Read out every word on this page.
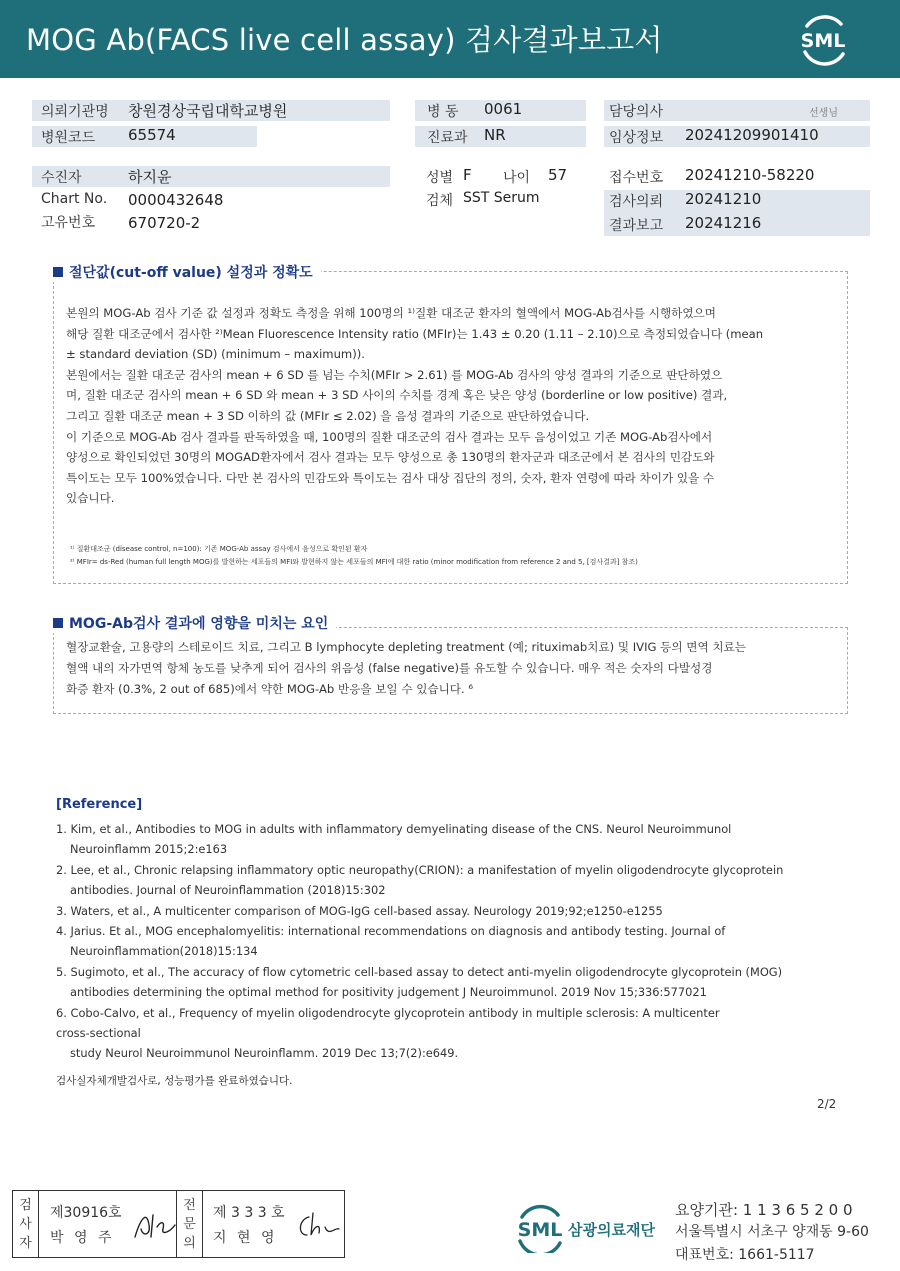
MOG Ab(FACS live cell assay) 검사결과보고서	SML
의뢰기관명 창원경상국립대학교병원
병원코드 65574
병 동 0061
진료과 NR
담당의사	선생님
임상정보 20241209901410
수진자	하지윤
Chart No. 0000432648
고유번호 670720-2
성별 F 나이 57
검체 SST Serum
접수번호 20241210-58220
검사의뢰 20241210
결과보고 20241216
절단값(cut-off value) 설정과 정확도

본원의 MOG-Ab 검사 기준 값 설정과 정확도 측정을 위해 100명의 ¹⁾질환 대조군 환자의 혈액에서 MOG-Ab검사를 시행하였으며

해당 질환 대조군에서 검사한 ²⁾Mean Fluorescence Intensity ratio (MFIr)는 1.43 ± 0.20 (1.11 – 2.10)으로 측정되었습니다 (mean

± standard deviation (SD) (minimum – maximum)).

본원에서는 질환 대조군 검사의 mean + 6 SD 를 넘는 수치(MFIr > 2.61) 를 MOG-Ab 검사의 양성 결과의 기준으로 판단하였으

며, 질환 대조군 검사의 mean + 6 SD 와 mean + 3 SD 사이의 수치를 경계 혹은 낮은 양성 (borderline or low positive) 결과,

그리고 질환 대조군 mean + 3 SD 이하의 값 (MFIr ≤ 2.02) 을 음성 결과의 기준으로 판단하였습니다.

이 기준으로 MOG-Ab 검사 결과를 판독하였을 때, 100명의 질환 대조군의 검사 결과는 모두 음성이었고 기존 MOG-Ab검사에서

양성으로 확인되었던 30명의 MOGAD환자에서 검사 결과는 모두 양성으로 총 130명의 환자군과 대조군에서 본 검사의 민감도와

특이도는 모두 100%였습니다. 다만 본 검사의 민감도와 특이도는 검사 대상 집단의 정의, 숫자, 환자 연령에 따라 차이가 있을 수

있습니다.

¹⁾ 질환대조군 (disease control, n=100): 기존 MOG-Ab assay 검사에서 음성으로 확인된 환자
²⁾ MFIr= ds-Red (human full length MOG)를 발현하는 세포들의 MFI와 발현하지 않는 세포들의 MFI에 대한 ratio (minor modification from reference 2 and 5, [검사결과] 참조)
MOG-Ab검사 결과에 영향을 미치는 요인

혈장교환술, 고용량의 스테로이드 치료, 그리고 B lymphocyte depleting treatment (예; rituximab치료) 및 IVIG 등의 면역 치료는

혈액 내의 자가면역 항체 농도를 낮추게 되어 검사의 위음성 (false negative)를 유도할 수 있습니다. 매우 적은 숫자의 다발성경

화증 환자 (0.3%, 2 out of 685)에서 약한 MOG-Ab 반응을 보일 수 있습니다. ⁶

[Reference]
1. Kim, et al., Antibodies to MOG in adults with inflammatory demyelinating disease of the CNS. Neurol Neuroimmunol
Neuroinflamm 2015;2:e163
2. Lee, et al., Chronic relapsing inflammatory optic neuropathy(CRION): a manifestation of myelin oligodendrocyte glycoprotein
antibodies. Journal of Neuroinflammation (2018)15:302
3. Waters, et al., A multicenter comparison of MOG-IgG cell-based assay. Neurology 2019;92;e1250-e1255
4. Jarius. Et al., MOG encephalomyelitis: international recommendations on diagnosis and antibody testing. Journal of
Neuroinflammation(2018)15:134
5. Sugimoto, et al., The accuracy of flow cytometric cell-based assay to detect anti-myelin oligodendrocyte glycoprotein (MOG)
antibodies determining the optimal method for positivity judgement J Neuroimmunol. 2019 Nov 15;336:577021
6. Cobo-Calvo, et al., Frequency of myelin oligodendrocyte glycoprotein antibody in multiple sclerosis: A multicenter
cross-sectional
study Neurol Neuroimmunol Neuroinflamm. 2019 Dec 13;7(2):e649.
검사실자체개발검사로, 성능평가를 완료하였습니다.
2/2
검
사
자
제30916호
박 영 주
전
문
의
제 3 3 3 호
지 현 영	SML 삼광의료재단
요양기관: 1 1 3 6 5 2 0 0
서울특별시 서초구 양재동 9-60
대표번호: 1661-5117
